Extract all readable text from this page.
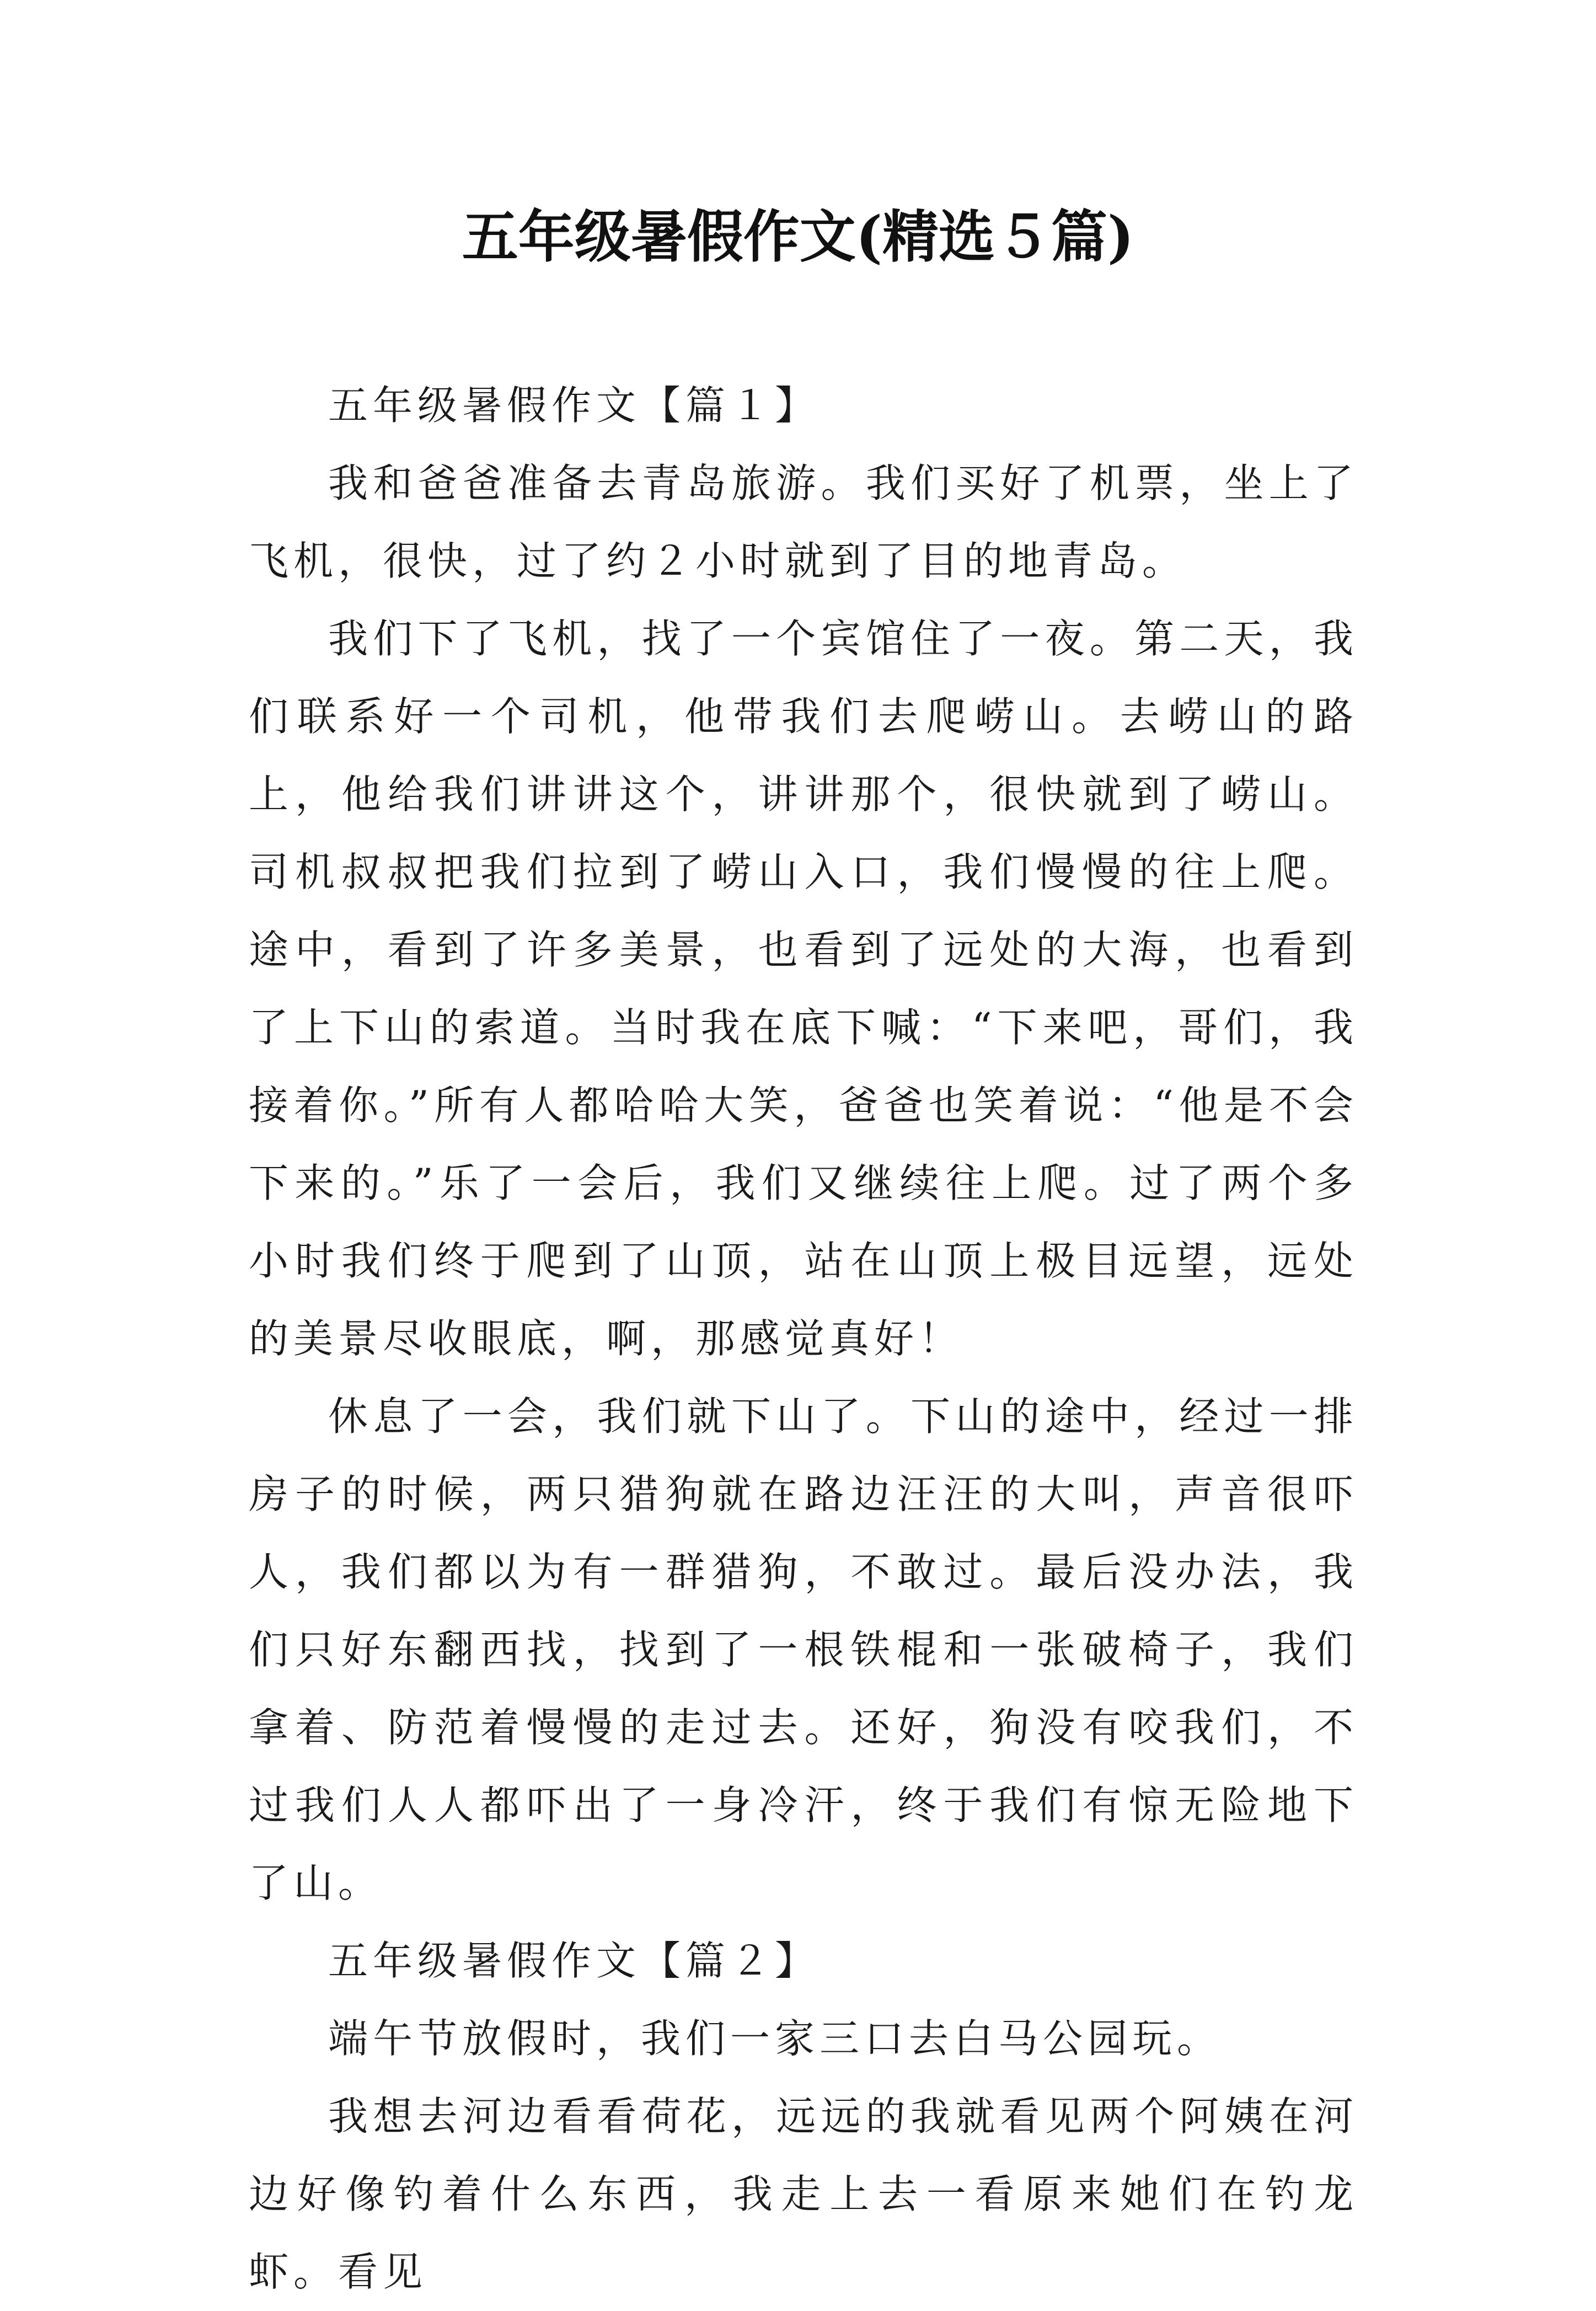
五年级暑假作文(精选５篇)

五年级暑假作文【篇１】

我和爸爸准备去青岛旅游。我们买好了机票，坐上了飞机，很快，过了约２小时就到了目的地青岛。

我们下了飞机，找了一个宾馆住了一夜。第二天，我们联系好一个司机，他带我们去爬崂山。去崂山的路上，他给我们讲讲这个，讲讲那个，很快就到了崂山。司机叔叔把我们拉到了崂山入口，我们慢慢的往上爬。途中，看到了许多美景，也看到了远处的大海，也看到了上下山的索道。当时我在底下喊：“下来吧，哥们，我接着你。”所有人都哈哈大笑，爸爸也笑着说：“他是不会下来的。”乐了一会后，我们又继续往上爬。过了两个多小时我们终于爬到了山顶，站在山顶上极目远望，远处的美景尽收眼底，啊，那感觉真好！

休息了一会，我们就下山了。下山的途中，经过一排房子的时候，两只猎狗就在路边汪汪的大叫，声音很吓人，我们都以为有一群猎狗，不敢过。最后没办法，我们只好东翻西找，找到了一根铁棍和一张破椅子，我们拿着、防范着慢慢的走过去。还好，狗没有咬我们，不过我们人人都吓出了一身冷汗，终于我们有惊无险地下了山。

五年级暑假作文【篇２】

端午节放假时，我们一家三口去白马公园玩。

我想去河边看看荷花，远远的我就看见两个阿姨在河边好像钓着什么东西，我走上去一看原来她们在钓龙虾。看见
